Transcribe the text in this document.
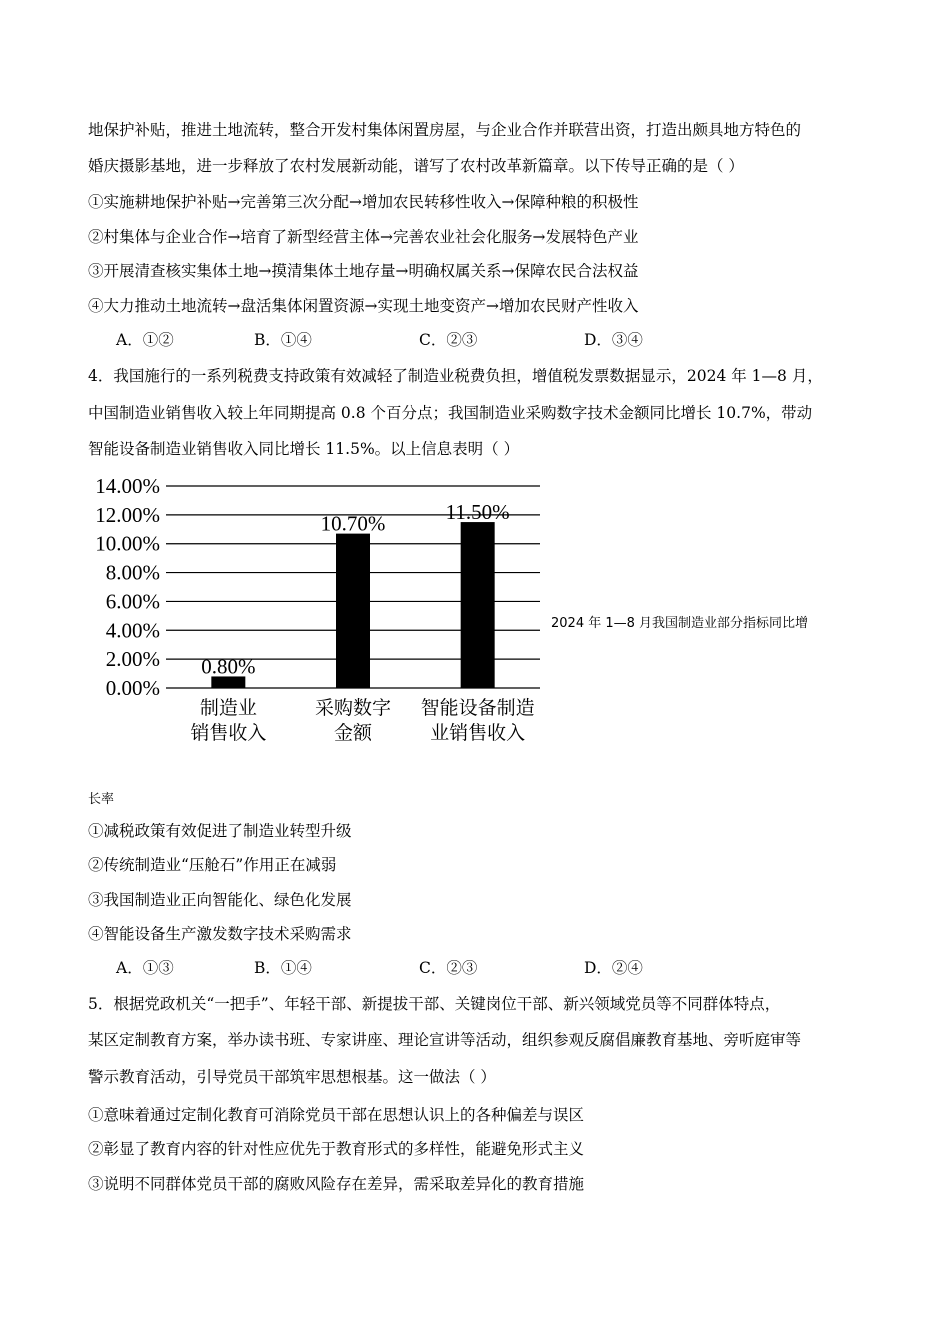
地保护补贴，推进土地流转，整合开发村集体闲置房屋，与企业合作并联营出资，打造出颇具地方特色的
婚庆摄影基地，进一步释放了农村发展新动能，谱写了农村改革新篇章。以下传导正确的是（ ）
①实施耕地保护补贴→完善第三次分配→增加农民转移性收入→保障种粮的积极性
②村集体与企业合作→培育了新型经营主体→完善农业社会化服务→发展特色产业
③开展清查核实集体土地→摸清集体土地存量→明确权属关系→保障农民合法权益
④大力推动土地流转→盘活集体闲置资源→实现土地变资产→增加农民财产性收入
A．①②	B．①④	C．②③	D．③④
4．我国施行的一系列税费支持政策有效减轻了制造业税费负担，增值税发票数据显示，2024 年 1—8 月，
中国制造业销售收入较上年同期提高 0.8 个百分点；我国制造业采购数字技术金额同比增长 10.7%，带动
智能设备制造业销售收入同比增长 11.5%。以上信息表明（ ）
0.00%
2.00%
4.00%
6.00%
8.00%
10.00%
12.00%
14.00%
0.80%
10.70%	11.50%
制造业
销售收入
采购数字
金额
智能设备制造
业销售收入
2024 年 1—8 月我国制造业部分指标同比增
长率
①减税政策有效促进了制造业转型升级
②传统制造业“压舱石”作用正在减弱
③我国制造业正向智能化、绿色化发展
④智能设备生产激发数字技术采购需求
A．①③	B．①④	C．②③	D．②④
5．根据党政机关“一把手”、年轻干部、新提拔干部、关键岗位干部、新兴领域党员等不同群体特点，
某区定制教育方案，举办读书班、专家讲座、理论宣讲等活动，组织参观反腐倡廉教育基地、旁听庭审等
警示教育活动，引导党员干部筑牢思想根基。这一做法（ ）
①意味着通过定制化教育可消除党员干部在思想认识上的各种偏差与误区
②彰显了教育内容的针对性应优先于教育形式的多样性，能避免形式主义
③说明不同群体党员干部的腐败风险存在差异，需采取差异化的教育措施
